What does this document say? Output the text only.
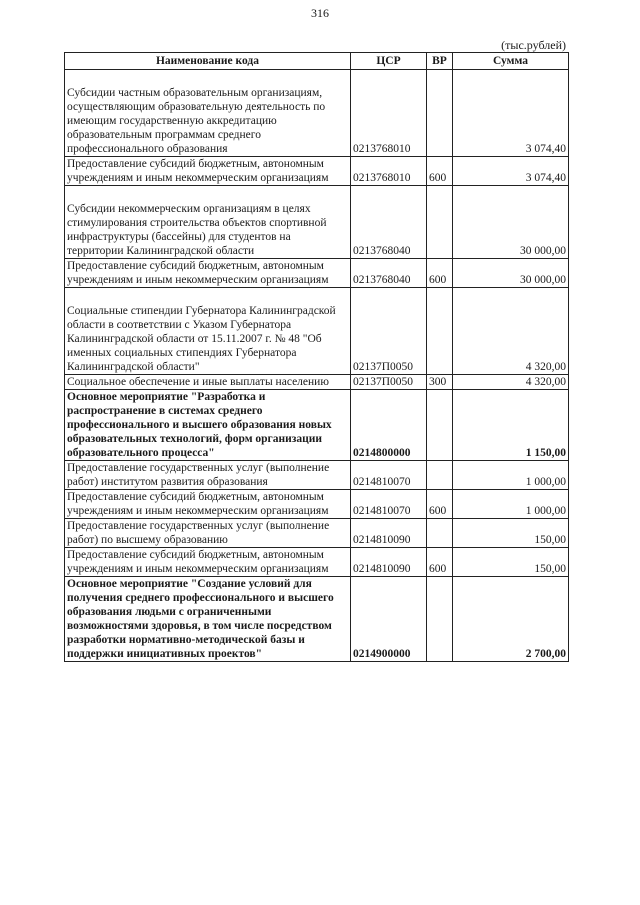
316
(тыс.рублей)
Наименование кода	ЦСР	ВР	Сумма
Субсидии частным образовательным организациям, осуществляющим образовательную деятельность по имеющим государственную аккредитацию образовательным программам среднего профессионального образования	0213768010		3 074,40
Предоставление субсидий бюджетным, автономным учреждениям и иным некоммерческим организациям	0213768010	600	3 074,40
Субсидии некоммерческим организациям в целях стимулирования строительства объектов спортивной инфраструктуры (бассейны) для студентов на территории Калининградской области	0213768040		30 000,00
Предоставление субсидий бюджетным, автономным учреждениям и иным некоммерческим организациям	0213768040	600	30 000,00
Социальные стипендии Губернатора Калининградской области в соответствии с Указом Губернатора Калининградской области от 15.11.2007 г. № 48 "Об именных социальных стипендиях Губернатора Калининградской области"	02137П0050		4 320,00
Социальное обеспечение и иные выплаты населению	02137П0050	300	4 320,00
Основное мероприятие "Разработка и распространение в системах среднего профессионального и высшего образования новых образовательных технологий, форм организации образовательного процесса"	0214800000		1 150,00
Предоставление государственных услуг (выполнение работ) институтом развития образования	0214810070		1 000,00
Предоставление субсидий бюджетным, автономным учреждениям и иным некоммерческим организациям	0214810070	600	1 000,00
Предоставление государственных услуг (выполнение работ) по высшему образованию	0214810090		150,00
Предоставление субсидий бюджетным, автономным учреждениям и иным некоммерческим организациям	0214810090	600	150,00
Основное мероприятие "Создание условий для получения среднего профессионального и высшего образования людьми с ограниченными возможностями здоровья, в том числе посредством разработки нормативно-методической базы и поддержки инициативных проектов"	0214900000		2 700,00
